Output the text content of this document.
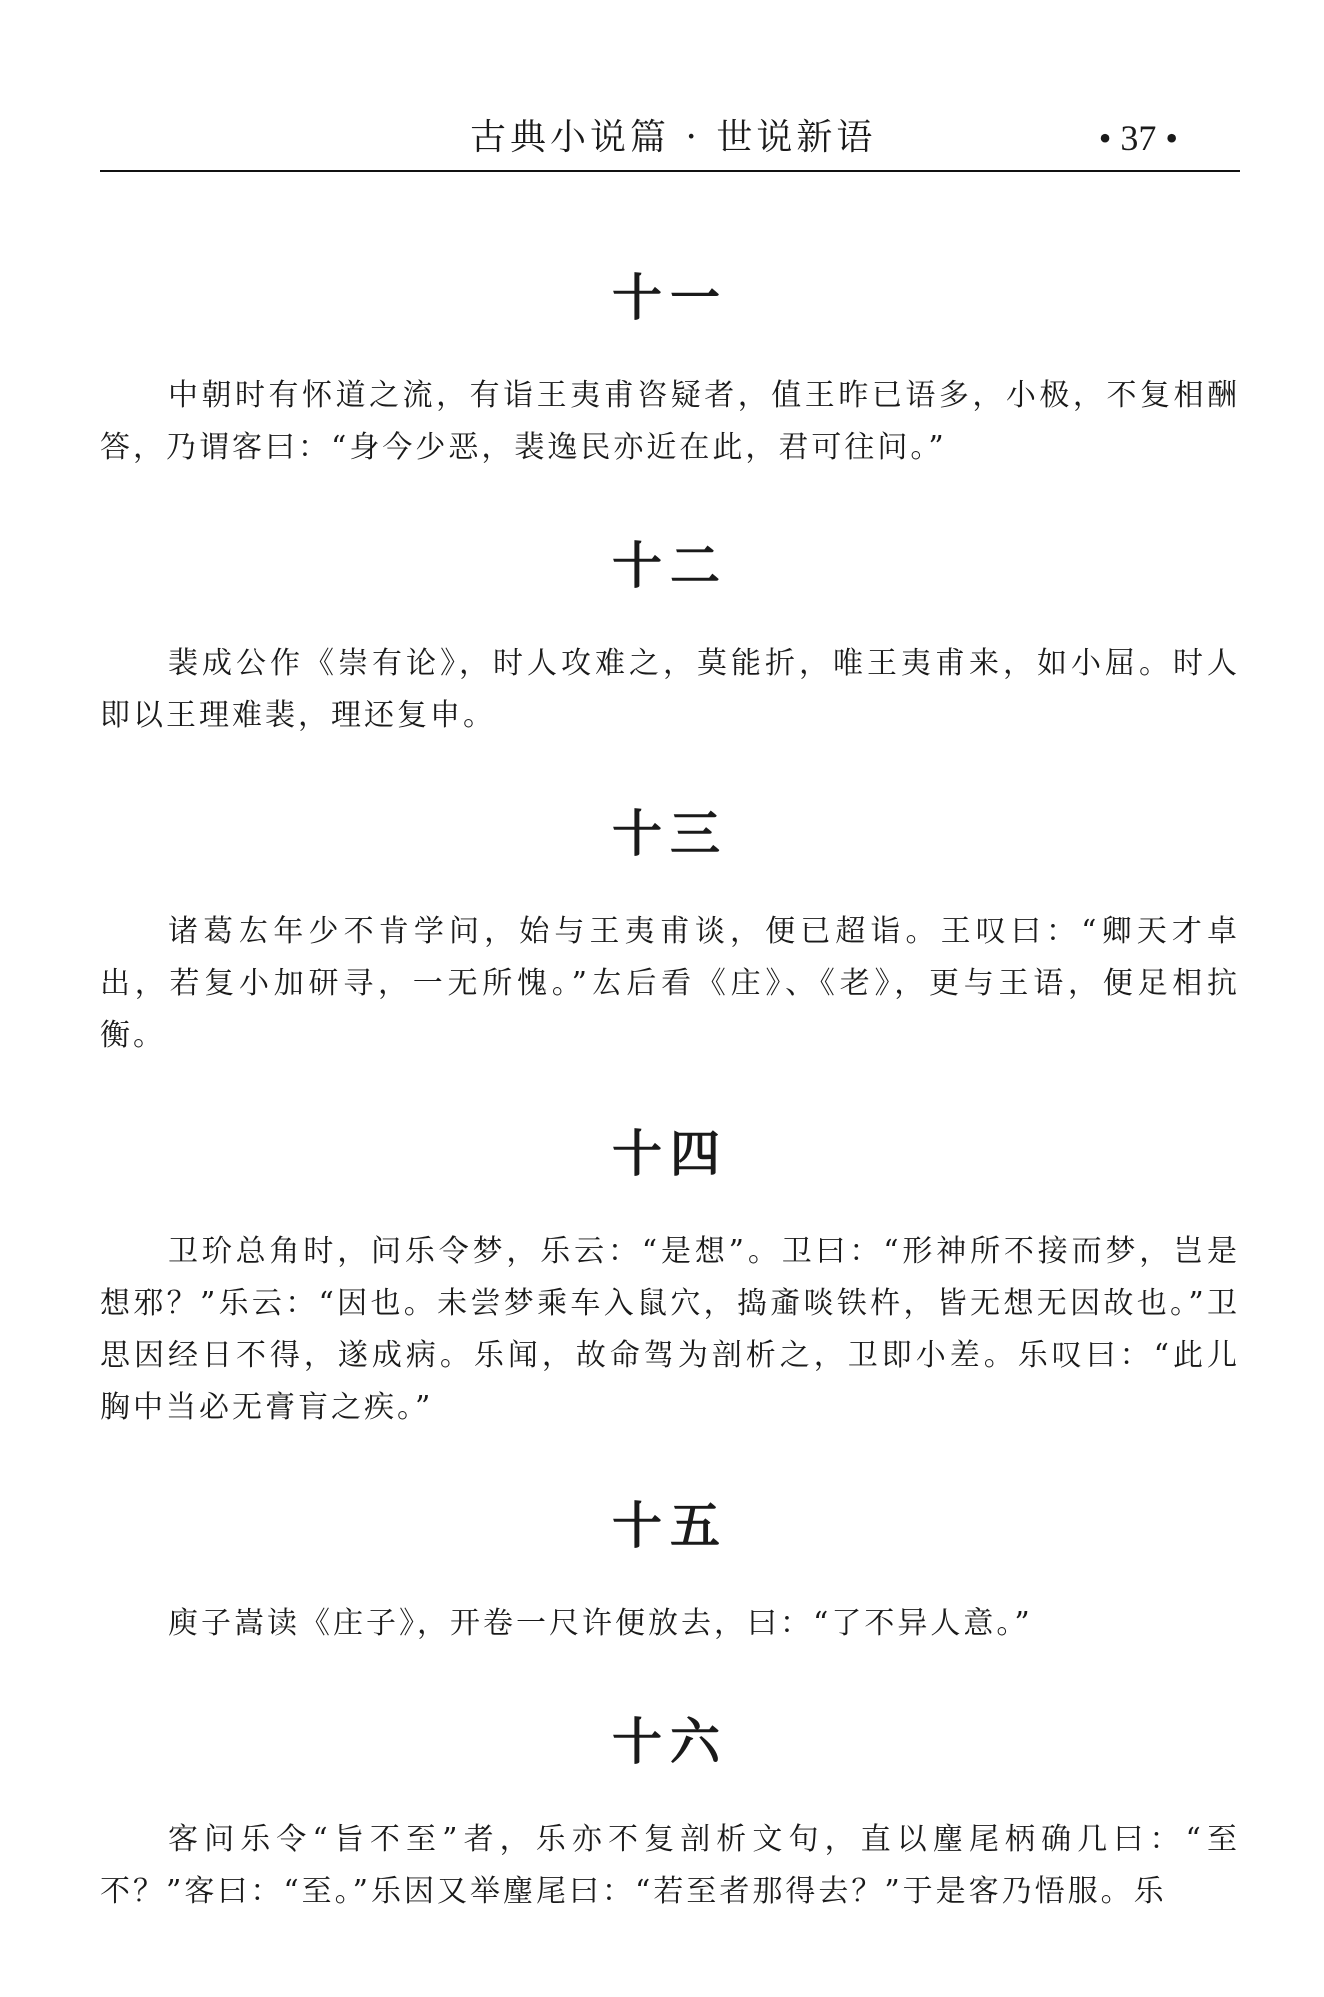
古典小说篇 · 世说新语	• 37 •
十一

中朝时有怀道之流，有诣王夷甫咨疑者，值王昨已语多，小极，不复相酬答，乃谓客曰：“身今少恶，裴逸民亦近在此，君可往问。”

十二

裴成公作《崇有论》，时人攻难之，莫能折，唯王夷甫来，如小屈。时人即以王理难裴，理还复申。

十三

诸葛厷年少不肯学问，始与王夷甫谈，便已超诣。王叹曰：“卿天才卓出，若复小加研寻，一无所愧。”厷后看《庄》、《老》，更与王语，便足相抗衡。

十四

卫玠总角时，问乐令梦，乐云：“是想”。卫曰：“形神所不接而梦，岂是想邪？”乐云：“因也。未尝梦乘车入鼠穴，捣齑啖铁杵，皆无想无因故也。”卫思因经日不得，遂成病。乐闻，故命驾为剖析之，卫即小差。乐叹曰：“此儿胸中当必无膏肓之疾。”

十五

庾子嵩读《庄子》，开卷一尺许便放去，曰：“了不异人意。”

十六

客问乐令“旨不至”者，乐亦不复剖析文句，直以麈尾柄确几曰：“至不？”客曰：“至。”乐因又举麈尾曰：“若至者那得去？”于是客乃悟服。乐
